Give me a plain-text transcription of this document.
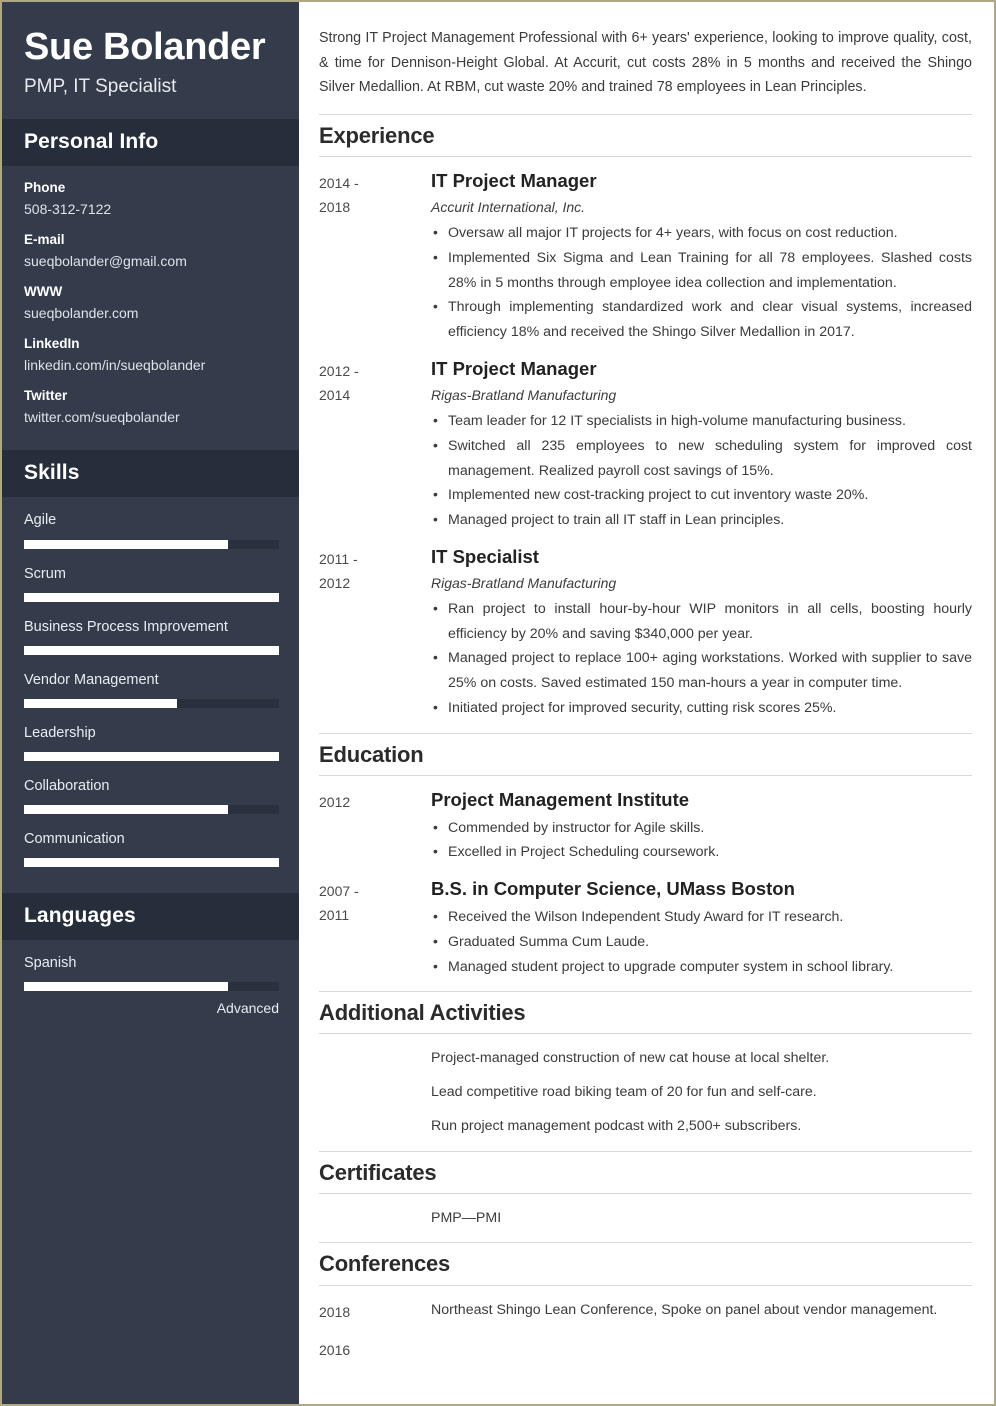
Sue Bolander
PMP, IT Specialist
Personal Info
Phone
508-312-7122
E-mail
sueqbolander@gmail.com
WWW
sueqbolander.com
LinkedIn
linkedin.com/in/sueqbolander
Twitter
twitter.com/sueqbolander
Skills
Agile
Scrum
Business Process Improvement
Vendor Management
Leadership
Collaboration
Communication
Languages
Spanish
Advanced

Strong IT Project Management Professional with 6+ years' experience, looking to improve quality, cost, & time for Dennison-Height Global. At Accurit, cut costs 28% in 5 months and received the Shingo Silver Medallion. At RBM, cut waste 20% and trained 78 employees in Lean Principles.

Experience
2014 -
2018
IT Project Manager
Accurit International, Inc.
• Oversaw all major IT projects for 4+ years, with focus on cost reduction.
• Implemented Six Sigma and Lean Training for all 78 employees. Slashed costs 28% in 5 months through employee idea collection and implementation.
• Through implementing standardized work and clear visual systems, increased efficiency 18% and received the Shingo Silver Medallion in 2017.
2012 -
2014
IT Project Manager
Rigas-Bratland Manufacturing
• Team leader for 12 IT specialists in high-volume manufacturing business.
• Switched all 235 employees to new scheduling system for improved cost management. Realized payroll cost savings of 15%.
• Implemented new cost-tracking project to cut inventory waste 20%.
• Managed project to train all IT staff in Lean principles.
2011 -
2012
IT Specialist
Rigas-Bratland Manufacturing
• Ran project to install hour-by-hour WIP monitors in all cells, boosting hourly efficiency by 20% and saving $340,000 per year.
• Managed project to replace 100+ aging workstations. Worked with supplier to save 25% on costs. Saved estimated 150 man-hours a year in computer time.
• Initiated project for improved security, cutting risk scores 25%.
Education
2012	Project Management Institute
• Commended by instructor for Agile skills.
• Excelled in Project Scheduling coursework.
2007 -
2011
B.S. in Computer Science, UMass Boston
• Received the Wilson Independent Study Award for IT research.
• Graduated Summa Cum Laude.
• Managed student project to upgrade computer system in school library.
Additional Activities
Project-managed construction of new cat house at local shelter.
Lead competitive road biking team of 20 for fun and self-care.
Run project management podcast with 2,500+ subscribers.
Certificates
PMP—PMI
Conferences
2018	Northeast Shingo Lean Conference, Spoke on panel about vendor management.
2016
